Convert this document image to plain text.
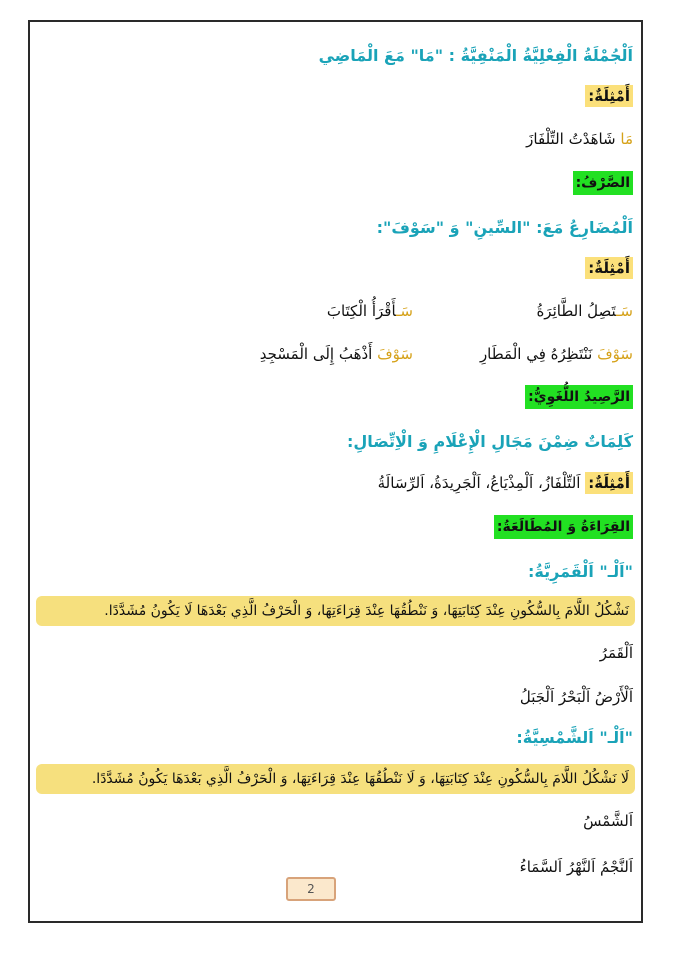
اَلْجُمْلَةُ الْفِعْلِيَّةُ الْمَنْفِيَّةُ : "مَا" مَعَ الْمَاضِي
أَمْثِلَةٌ:
مَا شَاهَدْتُ التِّلْفَازَ
الصَّرْفُ:
اَلْمُضَارِعُ مَعَ: "السِّينِ" وَ "سَوْفَ":
أَمْثِلَةٌ:
سَـتَصِلُ الطَّائِرَةُ
سَـأَقْرَأُ الْكِتَابَ
سَوْفَ نَنْتَظِرُهُ فِي الْمَطَارِ
سَوْفَ أَذْهَبُ إِلَى الْمَسْجِدِ
الرَّصِيدُ اللُّغَوِيُّ:
كَلِمَاتٌ ضِمْنَ مَجَالِ الْإِعْلَامِ وَ الْاِتِّصَالِ:
أَمْثِلَةٌ: اَلتِّلْفَازُ، اَلْمِذْيَاعُ، اَلْجَرِيدَةُ، اَلرِّسَالَةُ
القِرَاءَةُ وَ المُطَالَعَةُ:
"اَلْـ" اَلْقَمَرِيَّةُ:
نَشْكُلُ اللَّامَ بِالسُّكُونِ عِنْدَ كِتَابَتِهَا، وَ نَنْطُقُهَا عِنْدَ قِرَاءَتِهَا، وَ الْحَرْفُ الَّذِي بَعْدَهَا لَا يَكُونُ مُشَدَّدًا.
اَلْقَمَرُ
اَلْأَرْضُ اَلْبَحْرُ اَلْجَبَلُ
"اَلْـ" اَلشَّمْسِيَّةُ:
لَا نَشْكُلُ اللَّامَ بِالسُّكُونِ عِنْدَ كِتَابَتِهَا، وَ لَا نَنْطُقُهَا عِنْدَ قِرَاءَتِهَا، وَ الْحَرْفُ الَّذِي بَعْدَهَا يَكُونُ مُشَدَّدًا.
اَلشَّمْسُ
اَلنَّجْمُ اَلنَّهْرُ اَلسَّمَاءُ
2
